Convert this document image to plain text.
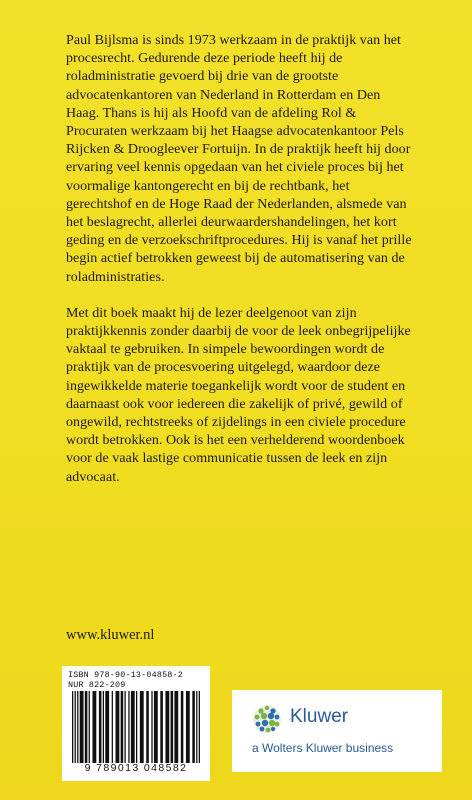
Paul Bijlsma is sinds 1973 werkzaam in de praktijk van het procesrecht. Gedurende deze periode heeft hij de roladministratie gevoerd bij drie van de grootste advocatenkantoren van Nederland in Rotterdam en Den Haag. Thans is hij als Hoofd van de afdeling Rol & Procuraten werkzaam bij het Haagse advocatenkantoor Pels Rijcken & Droogleever Fortuijn. In de praktijk heeft hij door ervaring veel kennis opgedaan van het civiele proces bij het voormalige kantongerecht en bij de rechtbank, het gerechtshof en de Hoge Raad der Nederlanden, alsmede van het beslagrecht, allerlei deurwaardershandelingen, het kort geding en de verzoekschriftprocedures. Hij is vanaf het prille begin actief betrokken geweest bij de automatisering van de roladministraties.

Met dit boek maakt hij de lezer deelgenoot van zijn praktijkkennis zonder daarbij de voor de leek onbegrijpelijke vaktaal te gebruiken. In simpele bewoordingen wordt de praktijk van de procesvoering uitgelegd, waardoor deze ingewikkelde materie toegankelijk wordt voor de student en daarnaast ook voor iedereen die zakelijk of privé, gewild of ongewild, rechtstreeks of zijdelings in een civiele procedure wordt betrokken. Ook is het een verhelderend woordenboek voor de vaak lastige communicatie tussen de leek en zijn advocaat.

www.kluwer.nl
ISBN 978-90-13-04858-2
NUR 822-209
9 789013 048582
Kluwer
a Wolters Kluwer business
